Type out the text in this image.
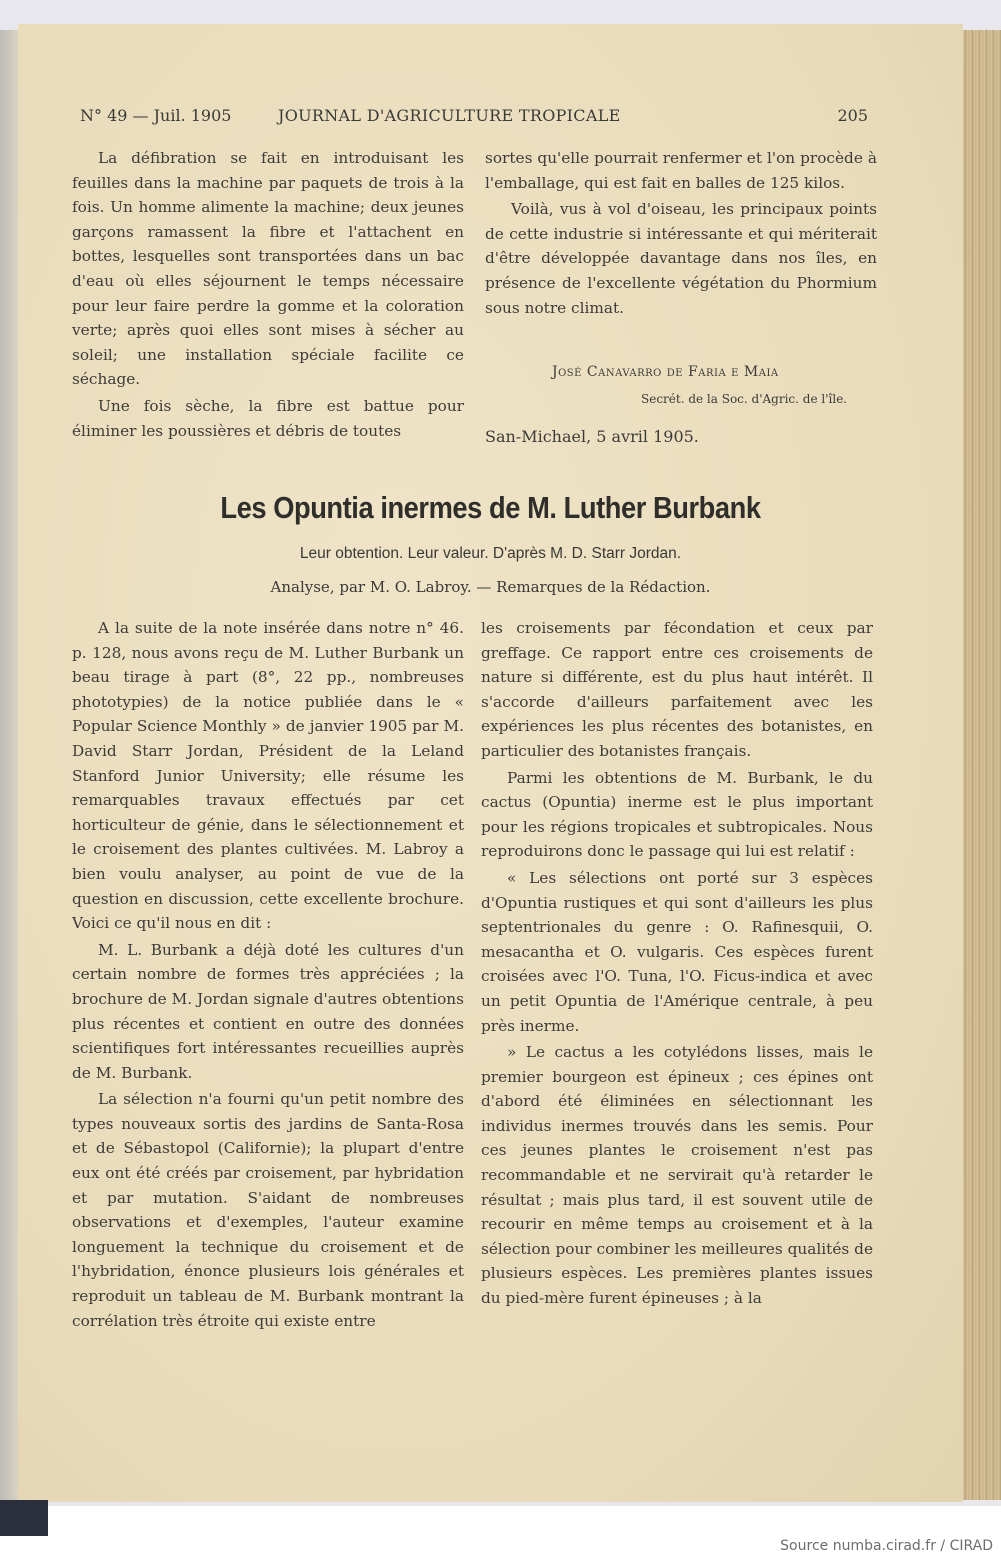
N° 49 — Juil. 1905	JOURNAL D'AGRICULTURE TROPICALE	205

La défibration se fait en introduisant les feuilles dans la machine par paquets de trois à la fois. Un homme alimente la machine; deux jeunes garçons ramassent la fibre et l'attachent en bottes, lesquelles sont transportées dans un bac d'eau où elles séjournent le temps nécessaire pour leur faire perdre la gomme et la coloration verte; après quoi elles sont mises à sécher au soleil; une installation spéciale facilite ce séchage.

Une fois sèche, la fibre est battue pour éliminer les poussières et débris de toutes

sortes qu'elle pourrait renfermer et l'on procède à l'emballage, qui est fait en balles de 125 kilos.

Voilà, vus à vol d'oiseau, les principaux points de cette industrie si intéressante et qui mériterait d'être développée davantage dans nos îles, en présence de l'excellente végétation du Phormium sous notre climat.

José Canavarro de Faria e Maia
Secrét. de la Soc. d'Agric. de l'île.
San-Michael, 5 avril 1905.
Les Opuntia inermes de M. Luther Burbank
Leur obtention. Leur valeur. D'après M. D. Starr Jordan.
Analyse, par M. O. Labroy. — Remarques de la Rédaction.

A la suite de la note insérée dans notre n° 46. p. 128, nous avons reçu de M. Luther Burbank un beau tirage à part (8°, 22 pp., nombreuses phototypies) de la notice publiée dans le « Popular Science Monthly » de janvier 1905 par M. David Starr Jordan, Président de la Leland Stanford Junior University; elle résume les remarquables travaux effectués par cet horticulteur de génie, dans le sélectionnement et le croisement des plantes cultivées. M. Labroy a bien voulu analyser, au point de vue de la question en discussion, cette excellente brochure. Voici ce qu'il nous en dit :

M. L. Burbank a déjà doté les cultures d'un certain nombre de formes très appréciées ; la brochure de M. Jordan signale d'autres obtentions plus récentes et contient en outre des données scientifiques fort intéressantes recueillies auprès de M. Burbank.

La sélection n'a fourni qu'un petit nombre des types nouveaux sortis des jardins de Santa-Rosa et de Sébastopol (Californie); la plupart d'entre eux ont été créés par croisement, par hybridation et par mutation. S'aidant de nombreuses observations et d'exemples, l'auteur examine longuement la technique du croisement et de l'hybridation, énonce plusieurs lois générales et reproduit un tableau de M. Burbank montrant la corrélation très étroite qui existe entre

les croisements par fécondation et ceux par greffage. Ce rapport entre ces croisements de nature si différente, est du plus haut intérêt. Il s'accorde d'ailleurs parfaitement avec les expériences les plus récentes des botanistes, en particulier des botanistes français.

Parmi les obtentions de M. Burbank, le du cactus (Opuntia) inerme est le plus important pour les régions tropicales et subtropicales. Nous reproduirons donc le passage qui lui est relatif :

« Les sélections ont porté sur 3 espèces d'Opuntia rustiques et qui sont d'ailleurs les plus septentrionales du genre : O. Rafinesquii, O. mesacantha et O. vulgaris. Ces espèces furent croisées avec l'O. Tuna, l'O. Ficus-indica et avec un petit Opuntia de l'Amérique centrale, à peu près inerme.

» Le cactus a les cotylédons lisses, mais le premier bourgeon est épineux ; ces épines ont d'abord été éliminées en sélectionnant les individus inermes trouvés dans les semis. Pour ces jeunes plantes le croisement n'est pas recommandable et ne servirait qu'à retarder le résultat ; mais plus tard, il est souvent utile de recourir en même temps au croisement et à la sélection pour combiner les meilleures qualités de plusieurs espèces. Les premières plantes issues du pied-mère furent épineuses ; à la

Source numba.cirad.fr / CIRAD
